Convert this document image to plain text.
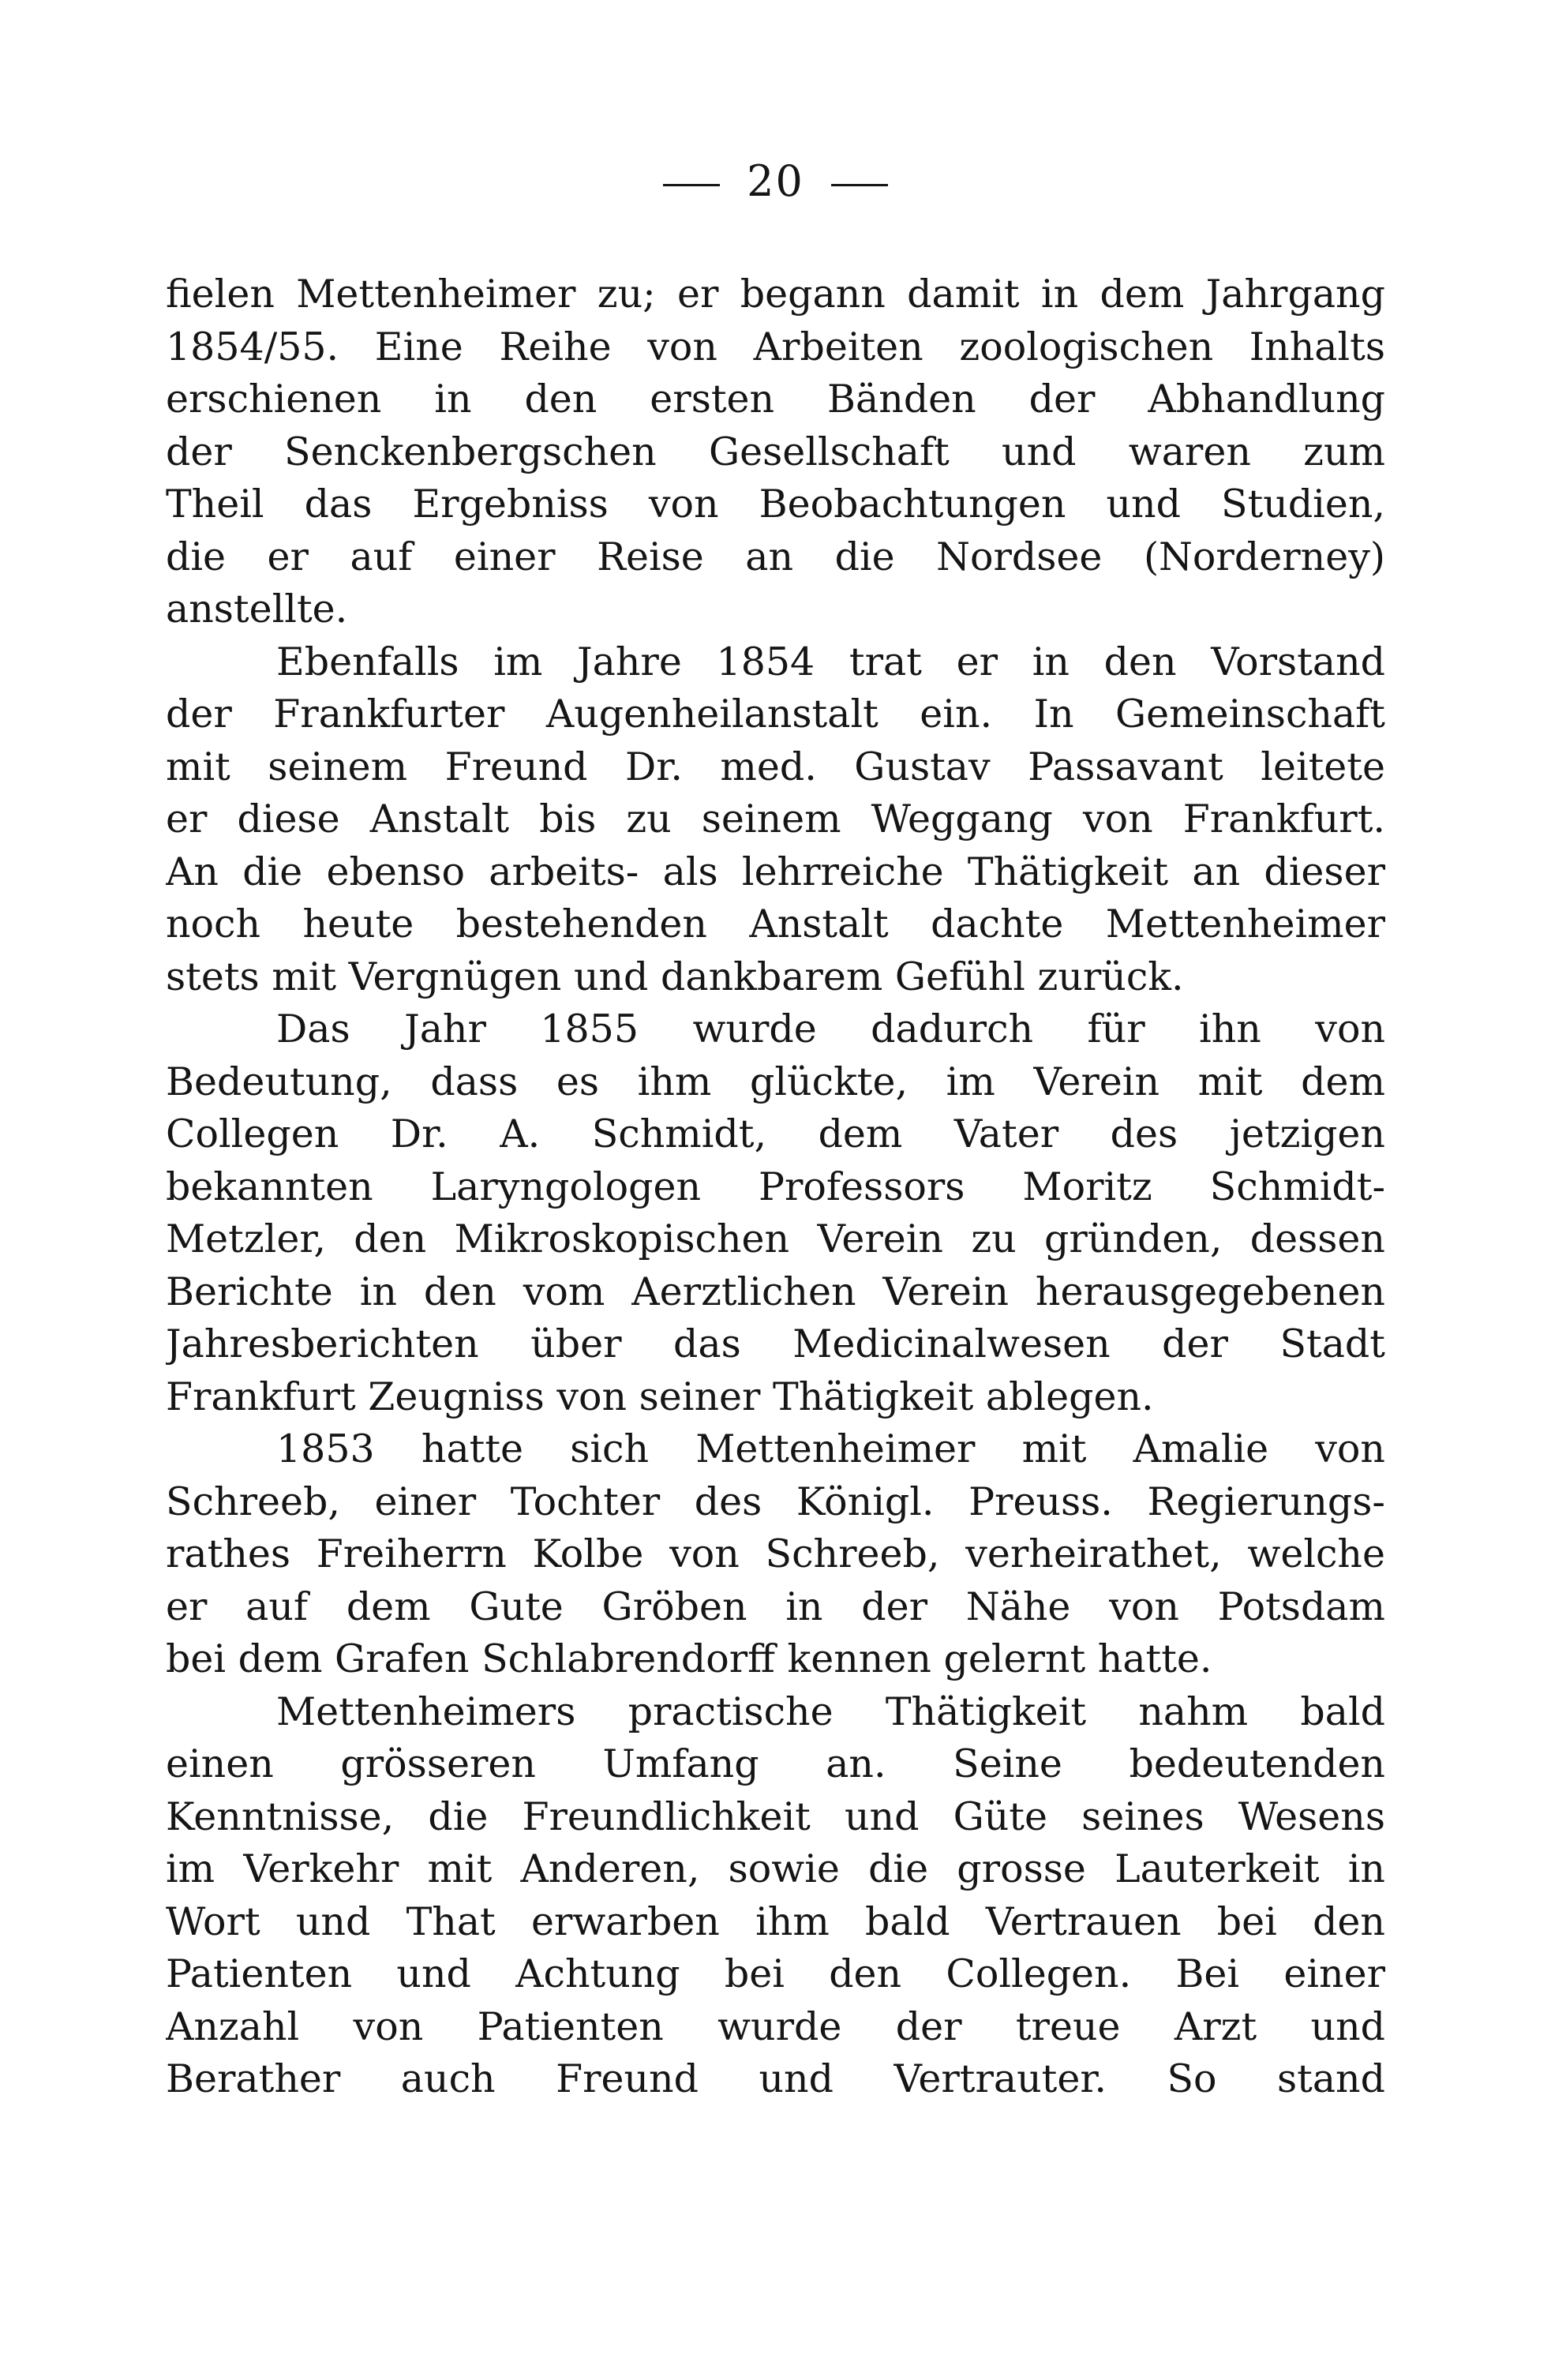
20
fielen Mettenheimer zu; er begann damit in dem Jahrgang
1854/55. Eine Reihe von Arbeiten zoologischen Inhalts
erschienen in den ersten Bänden der Abhandlung
der Senckenbergschen Gesellschaft und waren zum
Theil das Ergebniss von Beobachtungen und Studien,
die er auf einer Reise an die Nordsee (Norderney)
anstellte.
Ebenfalls im Jahre 1854 trat er in den Vorstand
der Frankfurter Augenheilanstalt ein. In Gemeinschaft
mit seinem Freund Dr. med. Gustav Passavant leitete
er diese Anstalt bis zu seinem Weggang von Frankfurt.
An die ebenso arbeits- als lehrreiche Thätigkeit an dieser
noch heute bestehenden Anstalt dachte Mettenheimer
stets mit Vergnügen und dankbarem Gefühl zurück.
Das Jahr 1855 wurde dadurch für ihn von
Bedeutung, dass es ihm glückte, im Verein mit dem
Collegen Dr. A. Schmidt, dem Vater des jetzigen
bekannten Laryngologen Professors Moritz Schmidt-
Metzler, den Mikroskopischen Verein zu gründen, dessen
Berichte in den vom Aerztlichen Verein herausgegebenen
Jahresberichten über das Medicinalwesen der Stadt
Frankfurt Zeugniss von seiner Thätigkeit ablegen.
1853 hatte sich Mettenheimer mit Amalie von
Schreeb, einer Tochter des Königl. Preuss. Regierungs-
rathes Freiherrn Kolbe von Schreeb, verheirathet, welche
er auf dem Gute Gröben in der Nähe von Potsdam
bei dem Grafen Schlabrendorff kennen gelernt hatte.
Mettenheimers practische Thätigkeit nahm bald
einen grösseren Umfang an. Seine bedeutenden
Kenntnisse, die Freundlichkeit und Güte seines Wesens
im Verkehr mit Anderen, sowie die grosse Lauterkeit in
Wort und That erwarben ihm bald Vertrauen bei den
Patienten und Achtung bei den Collegen. Bei einer
Anzahl von Patienten wurde der treue Arzt und
Berather auch Freund und Vertrauter. So stand
